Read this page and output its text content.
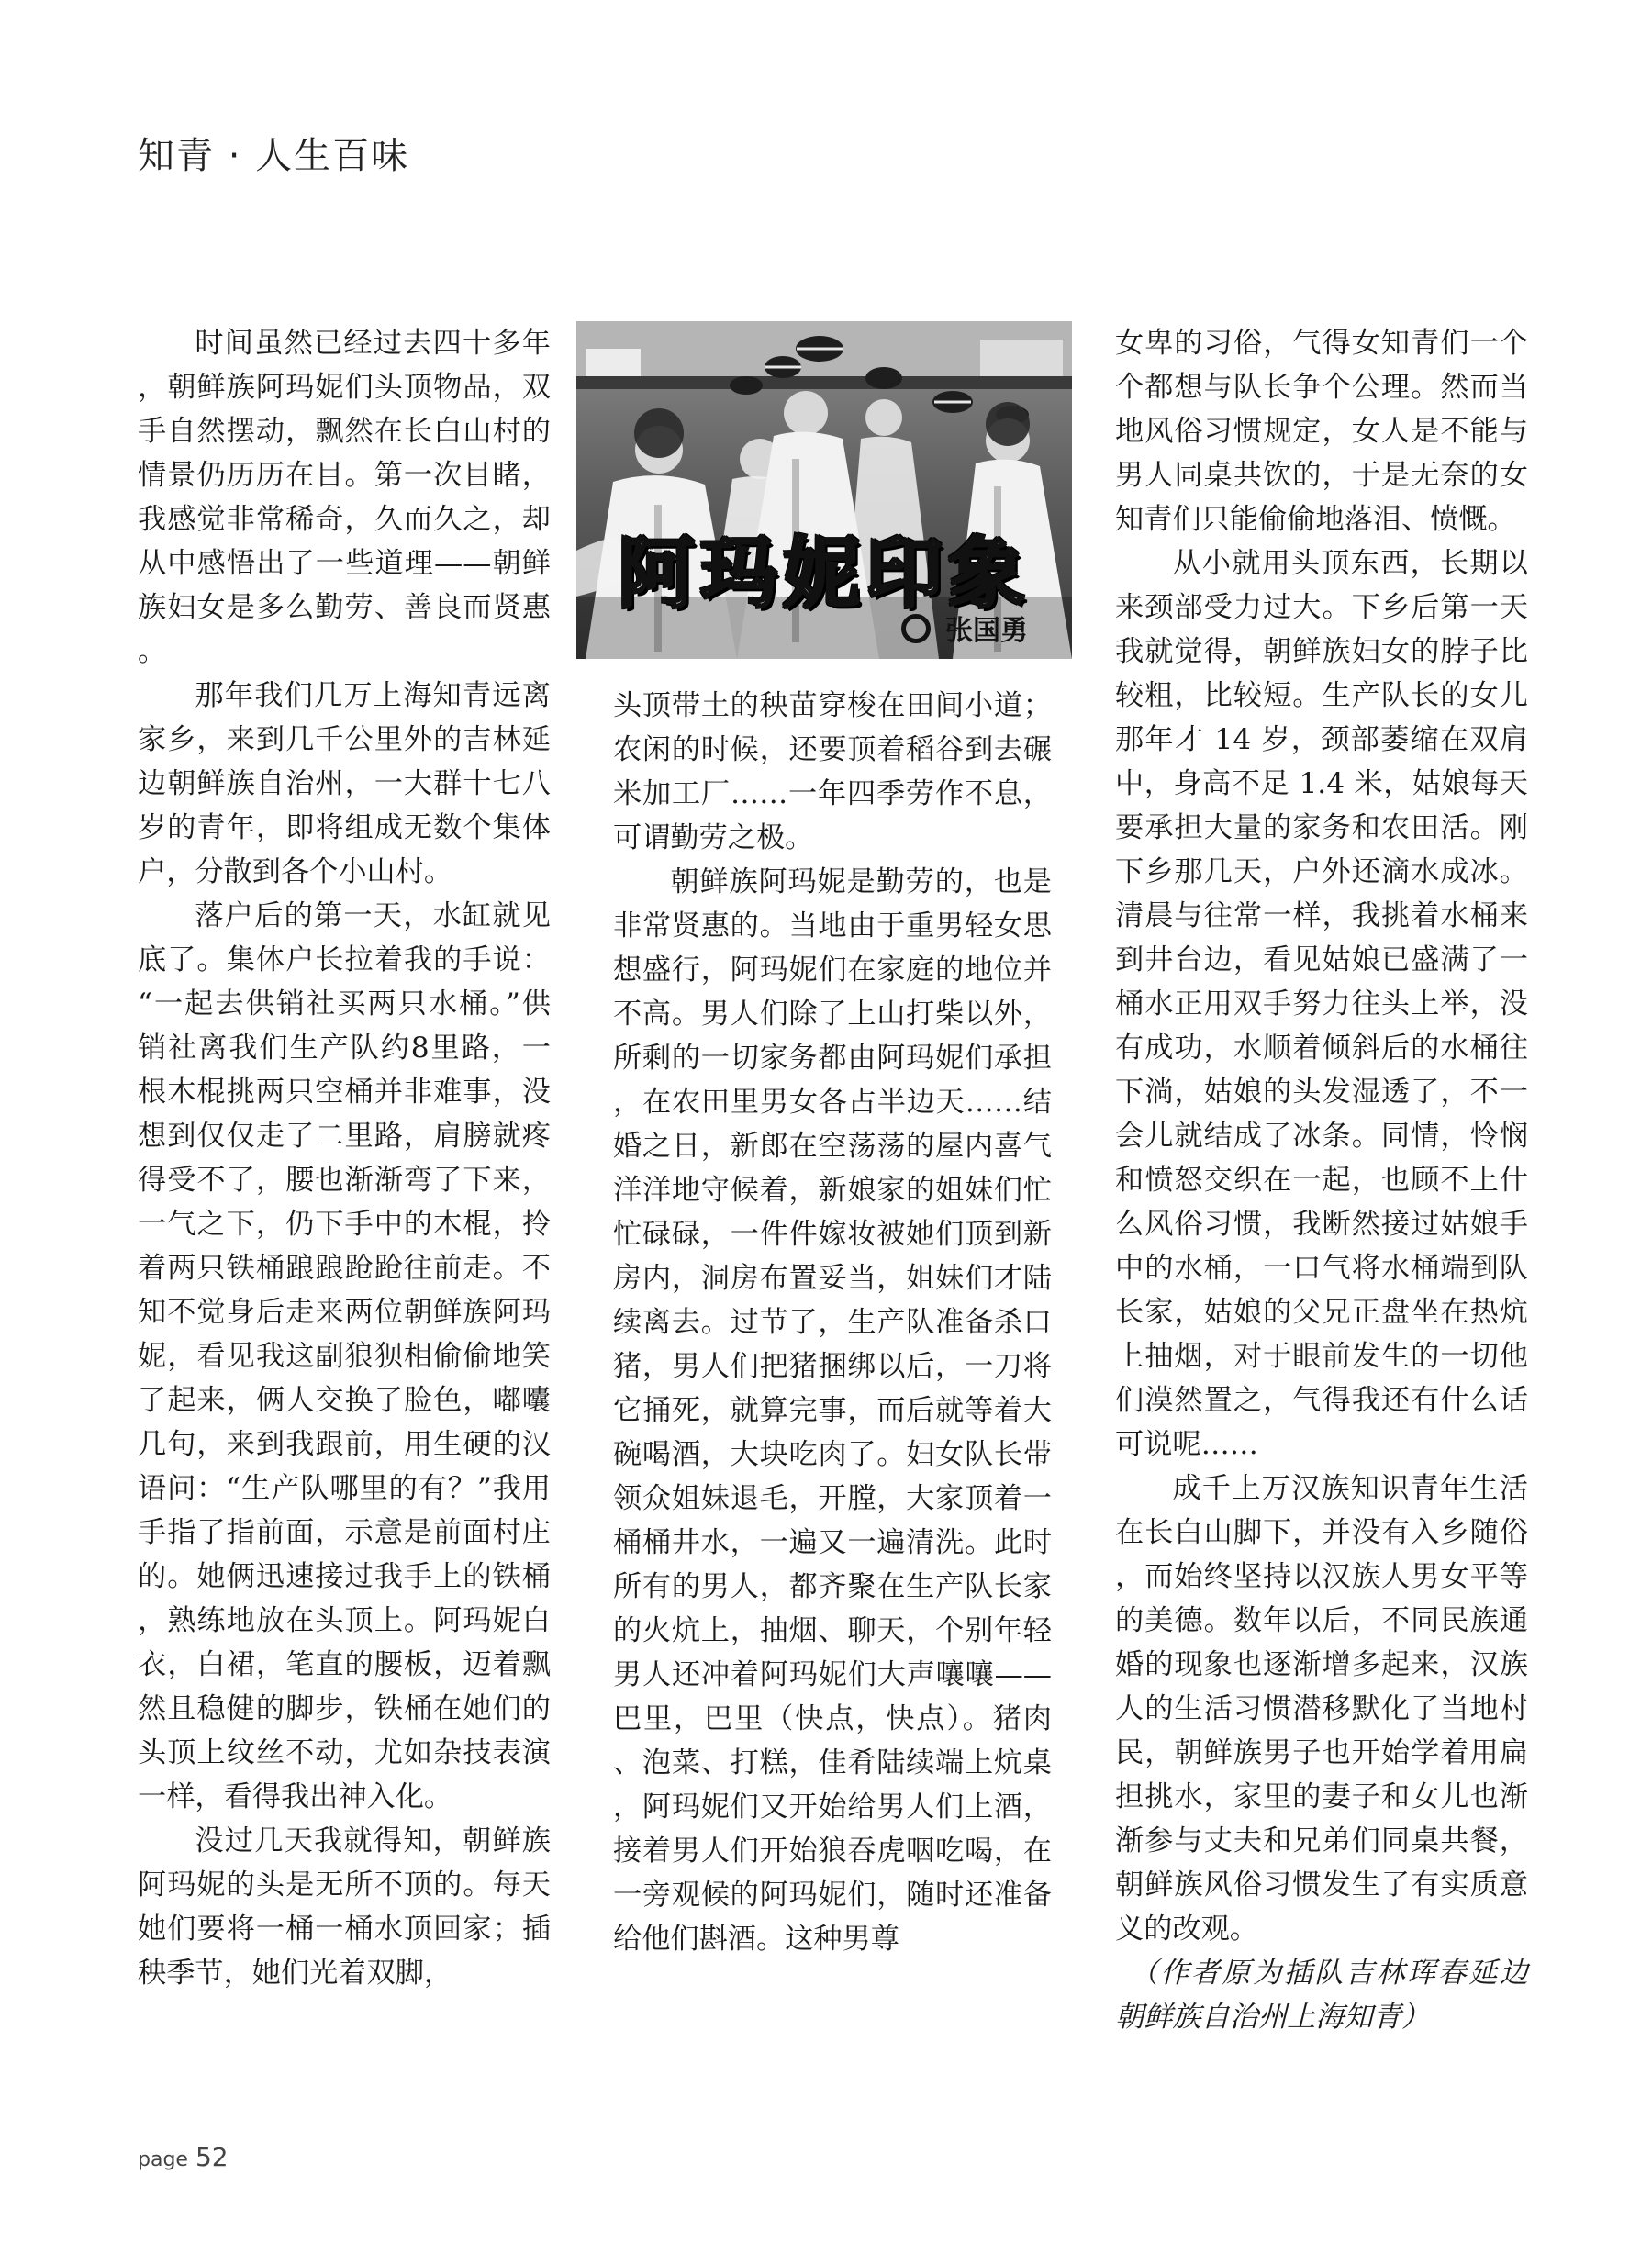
知青 · 人生百味
阿玛妮印象
张国勇

时间虽然已经过去四十多年，朝鲜族阿玛妮们头顶物品，双手自然摆动，飘然在长白山村的情景仍历历在目。第一次目睹，我感觉非常稀奇，久而久之，却从中感悟出了一些道理——朝鲜族妇女是多么勤劳、善良而贤惠。

那年我们几万上海知青远离家乡，来到几千公里外的吉林延边朝鲜族自治州，一大群十七八岁的青年，即将组成无数个集体户，分散到各个小山村。

落户后的第一天，水缸就见底了。集体户长拉着我的手说：“一起去供销社买两只水桶。”供销社离我们生产队约8里路，一根木棍挑两只空桶并非难事，没想到仅仅走了二里路，肩膀就疼得受不了，腰也渐渐弯了下来，一气之下，仍下手中的木棍，拎着两只铁桶踉踉跄跄往前走。不知不觉身后走来两位朝鲜族阿玛妮，看见我这副狼狈相偷偷地笑了起来，俩人交换了脸色，嘟囔几句，来到我跟前，用生硬的汉语问：“生产队哪里的有？”我用手指了指前面，示意是前面村庄的。她俩迅速接过我手上的铁桶，熟练地放在头顶上。阿玛妮白衣，白裙，笔直的腰板，迈着飘然且稳健的脚步，铁桶在她们的头顶上纹丝不动，尤如杂技表演一样，看得我出神入化。

没过几天我就得知，朝鲜族阿玛妮的头是无所不顶的。每天她们要将一桶一桶水顶回家；插秧季节，她们光着双脚，

头顶带土的秧苗穿梭在田间小道；农闲的时候，还要顶着稻谷到去碾米加工厂……一年四季劳作不息，可谓勤劳之极。

朝鲜族阿玛妮是勤劳的，也是非常贤惠的。当地由于重男轻女思想盛行，阿玛妮们在家庭的地位并不高。男人们除了上山打柴以外，所剩的一切家务都由阿玛妮们承担，在农田里男女各占半边天……结婚之日，新郎在空荡荡的屋内喜气洋洋地守候着，新娘家的姐妹们忙忙碌碌，一件件嫁妆被她们顶到新房内，洞房布置妥当，姐妹们才陆续离去。过节了，生产队准备杀口猪，男人们把猪捆绑以后，一刀将它捅死，就算完事，而后就等着大碗喝酒，大块吃肉了。妇女队长带领众姐妹退毛，开膛，大家顶着一桶桶井水，一遍又一遍清洗。此时所有的男人，都齐聚在生产队长家的火炕上，抽烟、聊天，个别年轻男人还冲着阿玛妮们大声嚷嚷——巴里，巴里（快点，快点）。猪肉、泡菜、打糕，佳肴陆续端上炕桌，阿玛妮们又开始给男人们上酒，接着男人们开始狼吞虎咽吃喝，在一旁观候的阿玛妮们，随时还准备给他们斟酒。这种男尊

女卑的习俗，气得女知青们一个个都想与队长争个公理。然而当地风俗习惯规定，女人是不能与男人同桌共饮的，于是无奈的女知青们只能偷偷地落泪、愤慨。

从小就用头顶东西，长期以来颈部受力过大。下乡后第一天我就觉得，朝鲜族妇女的脖子比较粗，比较短。生产队长的女儿那年才 14 岁，颈部萎缩在双肩中，身高不足 1.4 米，姑娘每天要承担大量的家务和农田活。刚下乡那几天，户外还滴水成冰。清晨与往常一样，我挑着水桶来到井台边，看见姑娘已盛满了一桶水正用双手努力往头上举，没有成功，水顺着倾斜后的水桶往下淌，姑娘的头发湿透了，不一会儿就结成了冰条。同情，怜悯和愤怒交织在一起，也顾不上什么风俗习惯，我断然接过姑娘手中的水桶，一口气将水桶端到队长家，姑娘的父兄正盘坐在热炕上抽烟，对于眼前发生的一切他们漠然置之，气得我还有什么话可说呢……

成千上万汉族知识青年生活在长白山脚下，并没有入乡随俗，而始终坚持以汉族人男女平等的美德。数年以后，不同民族通婚的现象也逐渐增多起来，汉族人的生活习惯潜移默化了当地村民，朝鲜族男子也开始学着用扁担挑水，家里的妻子和女儿也渐渐参与丈夫和兄弟们同桌共餐，朝鲜族风俗习惯发生了有实质意义的改观。

（作者原为插队吉林珲春延边朝鲜族自治州上海知青）

page 52
